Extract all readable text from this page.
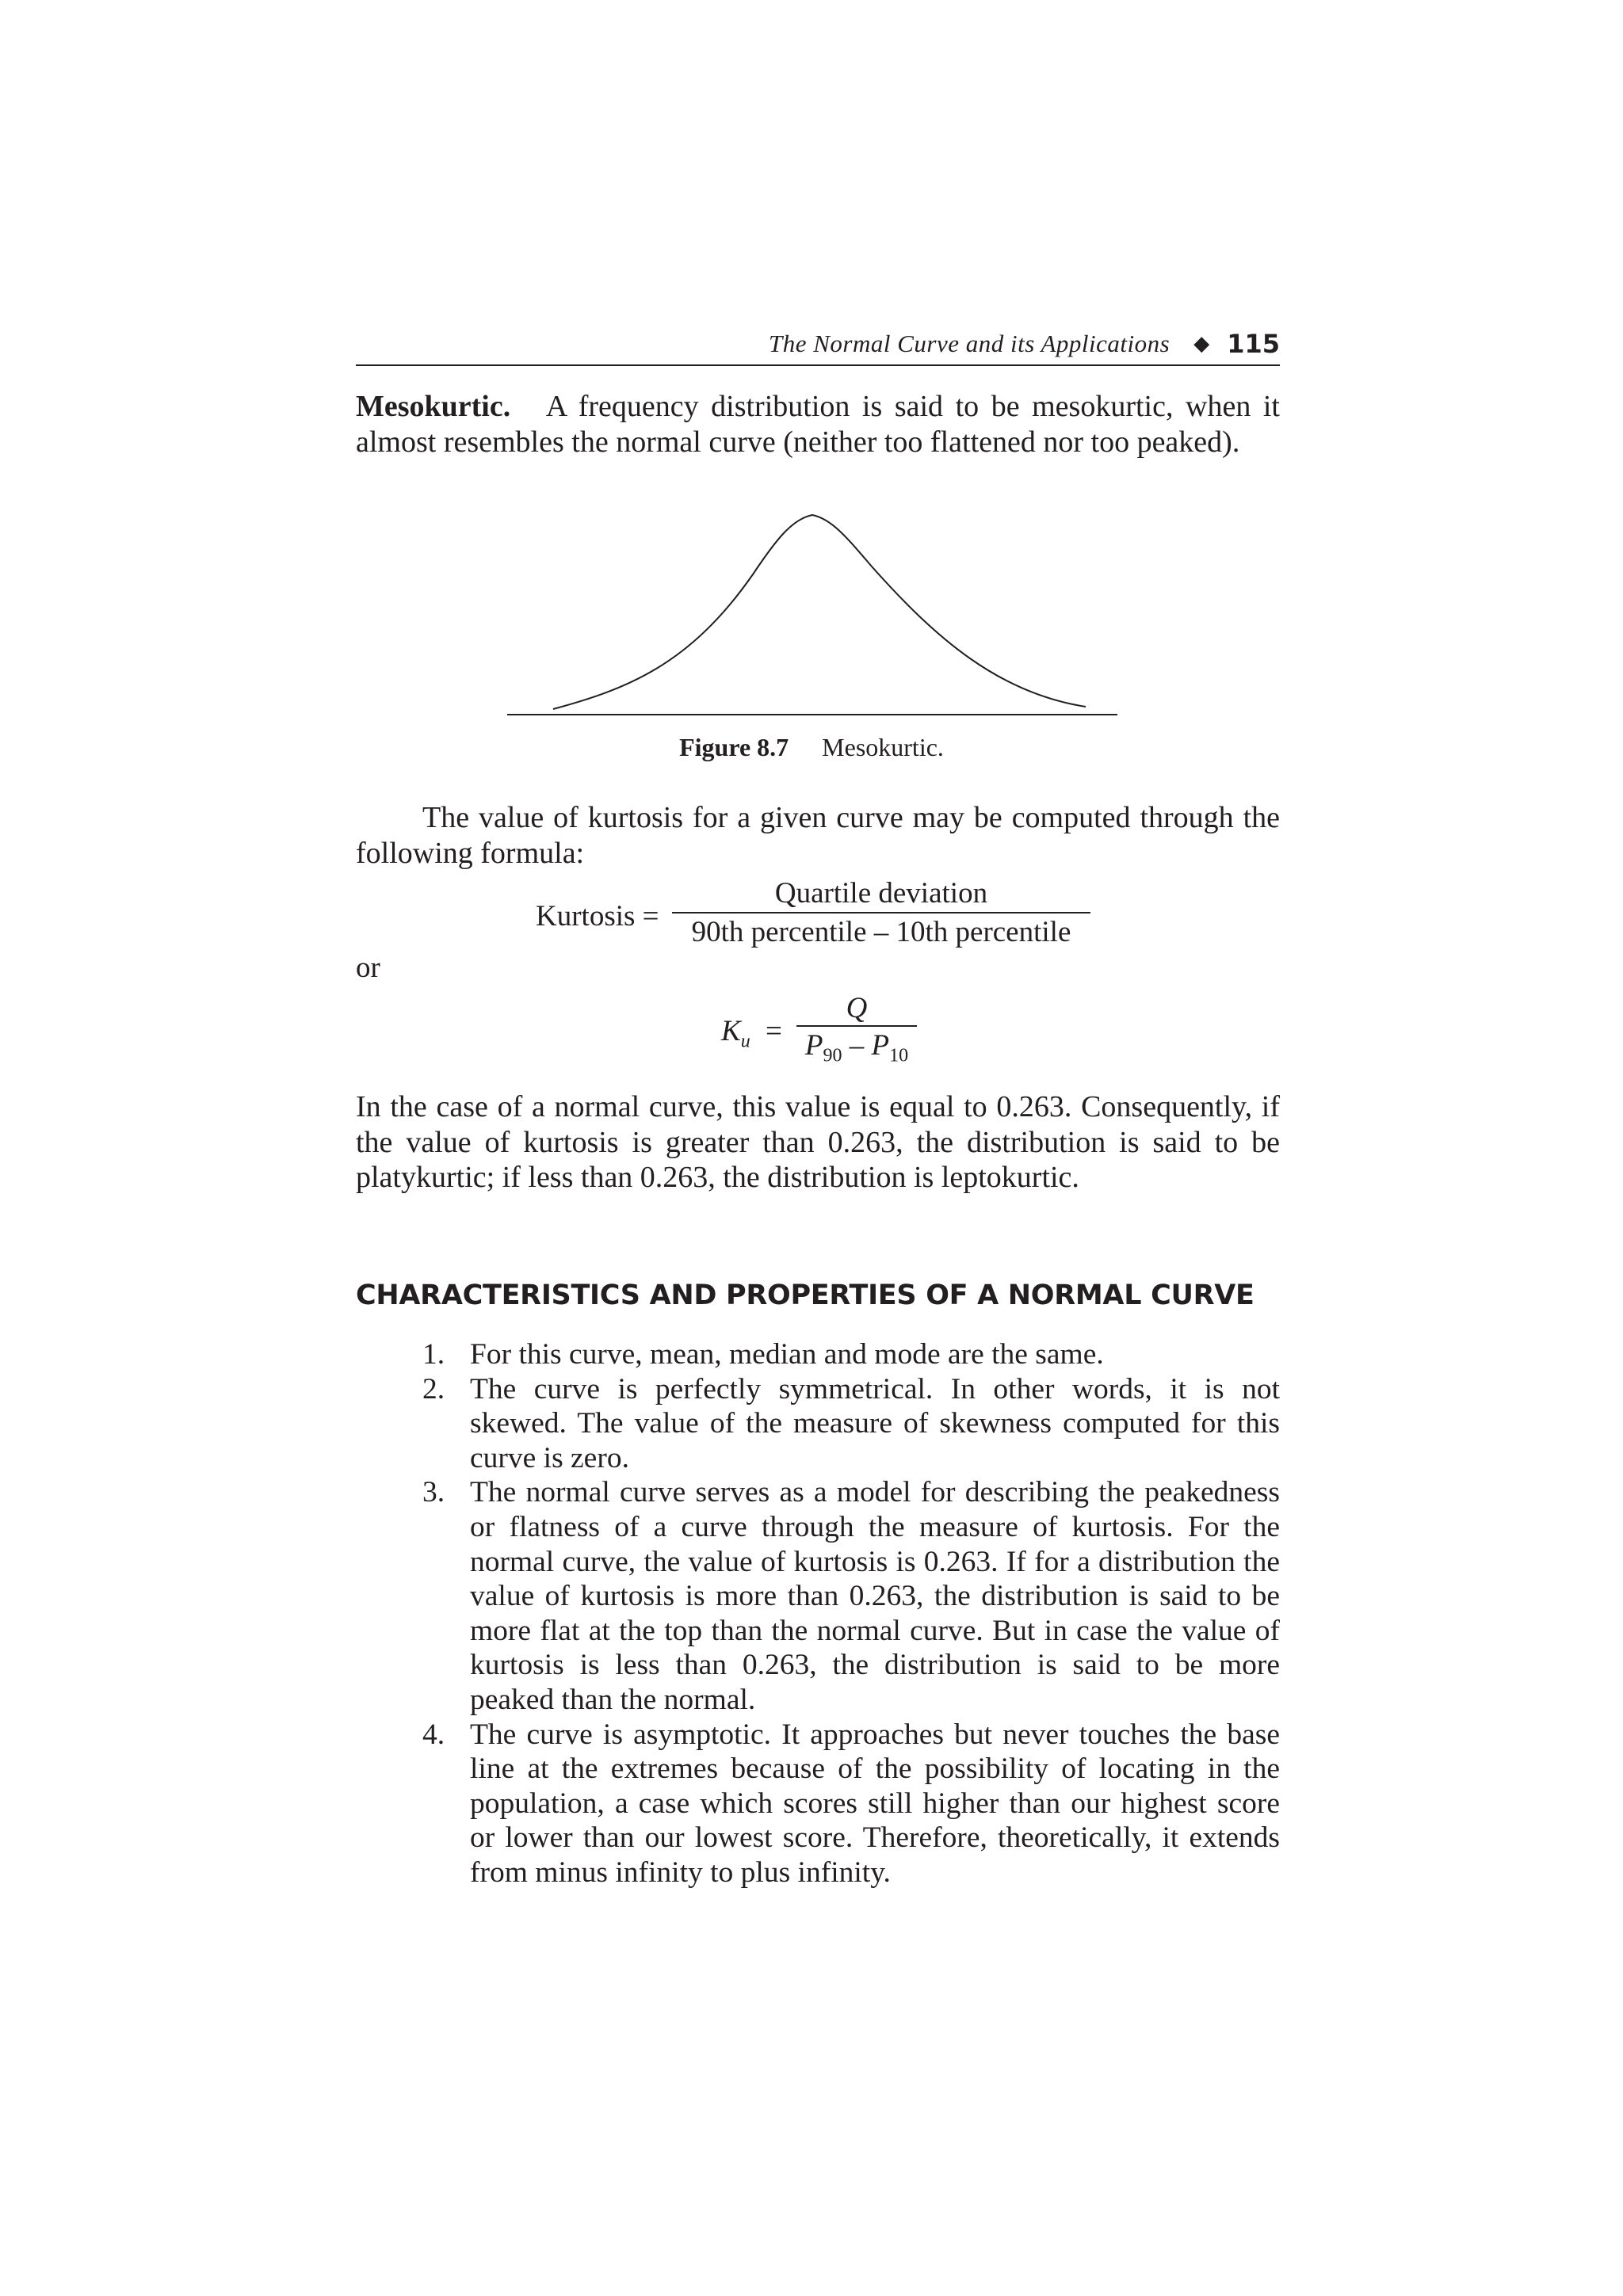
The Normal Curve and its Applications ◆ 115

Mesokurtic. A frequency distribution is said to be mesokurtic, when it almost resembles the normal curve (neither too flattened nor too peaked).

Figure 8.7 Mesokurtic.

The value of kurtosis for a given curve may be computed through the following formula:

Kurtosis =
Quartile deviation
90th percentile – 10th percentile
or
$K_u$ =
Q
$P_{90} - P_{10}$

In the case of a normal curve, this value is equal to 0.263. Consequently, if the value of kurtosis is greater than 0.263, the distribution is said to be platykurtic; if less than 0.263, the distribution is leptokurtic.

CHARACTERISTICS AND PROPERTIES OF A NORMAL CURVE
1. For this curve, mean, median and mode are the same.
2. The curve is perfectly symmetrical. In other words, it is not skewed. The value of the measure of skewness computed for this curve is zero.
3. The normal curve serves as a model for describing the peakedness or flatness of a curve through the measure of kurtosis. For the normal curve, the value of kurtosis is 0.263. If for a distribution the value of kurtosis is more than 0.263, the distribution is said to be more flat at the top than the normal curve. But in case the value of kurtosis is less than 0.263, the distribution is said to be more peaked than the normal.
4. The curve is asymptotic. It approaches but never touches the base line at the extremes because of the possibility of locating in the population, a case which scores still higher than our highest score or lower than our lowest score. Therefore, theoretically, it extends from minus infinity to plus infinity.
